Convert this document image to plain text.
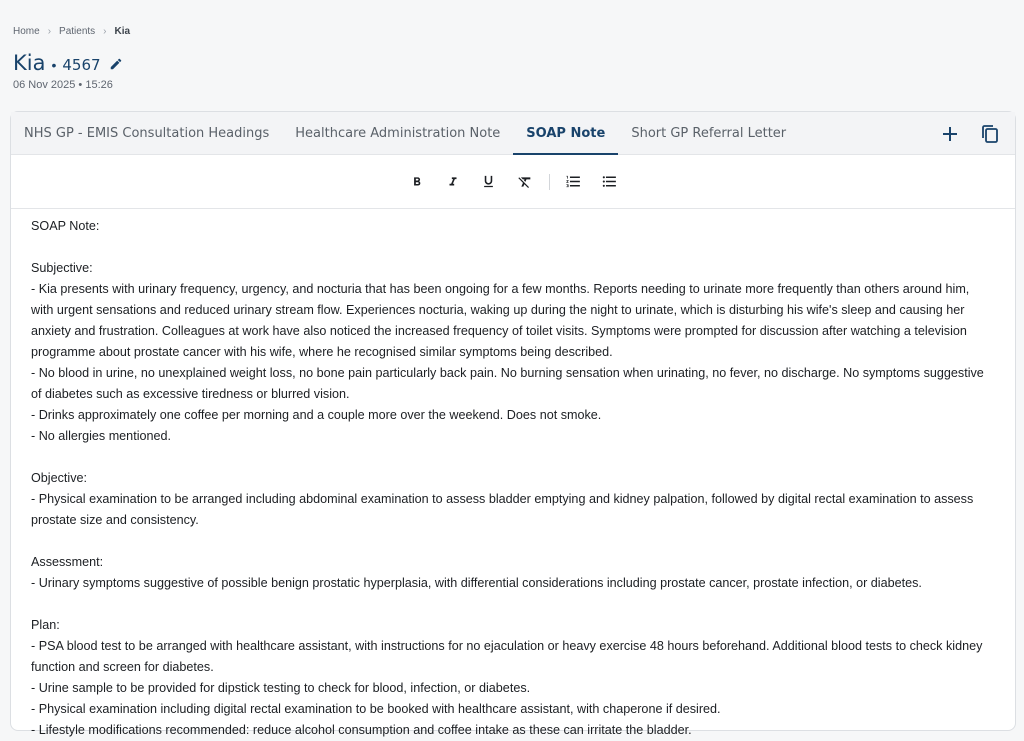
Home › Patients › Kia
Kia • 4567
06 Nov 2025 • 15:26
NHS GP - EMIS Consultation Headings	Healthcare Administration Note	SOAP Note	Short GP Referral Letter

SOAP Note:

Subjective:

- Kia presents with urinary frequency, urgency, and nocturia that has been ongoing for a few months. Reports needing to urinate more frequently than others around him, with urgent sensations and reduced urinary stream flow. Experiences nocturia, waking up during the night to urinate, which is disturbing his wife's sleep and causing her anxiety and frustration. Colleagues at work have also noticed the increased frequency of toilet visits. Symptoms were prompted for discussion after watching a television programme about prostate cancer with his wife, where he recognised similar symptoms being described.

- No blood in urine, no unexplained weight loss, no bone pain particularly back pain. No burning sensation when urinating, no fever, no discharge. No symptoms suggestive of diabetes such as excessive tiredness or blurred vision.

- Drinks approximately one coffee per morning and a couple more over the weekend. Does not smoke.

- No allergies mentioned.

Objective:

- Physical examination to be arranged including abdominal examination to assess bladder emptying and kidney palpation, followed by digital rectal examination to assess prostate size and consistency.

Assessment:

- Urinary symptoms suggestive of possible benign prostatic hyperplasia, with differential considerations including prostate cancer, prostate infection, or diabetes.

Plan:

- PSA blood test to be arranged with healthcare assistant, with instructions for no ejaculation or heavy exercise 48 hours beforehand. Additional blood tests to check kidney function and screen for diabetes.

- Urine sample to be provided for dipstick testing to check for blood, infection, or diabetes.

- Physical examination including digital rectal examination to be booked with healthcare assistant, with chaperone if desired.

- Lifestyle modifications recommended: reduce alcohol consumption and coffee intake as these can irritate the bladder.
